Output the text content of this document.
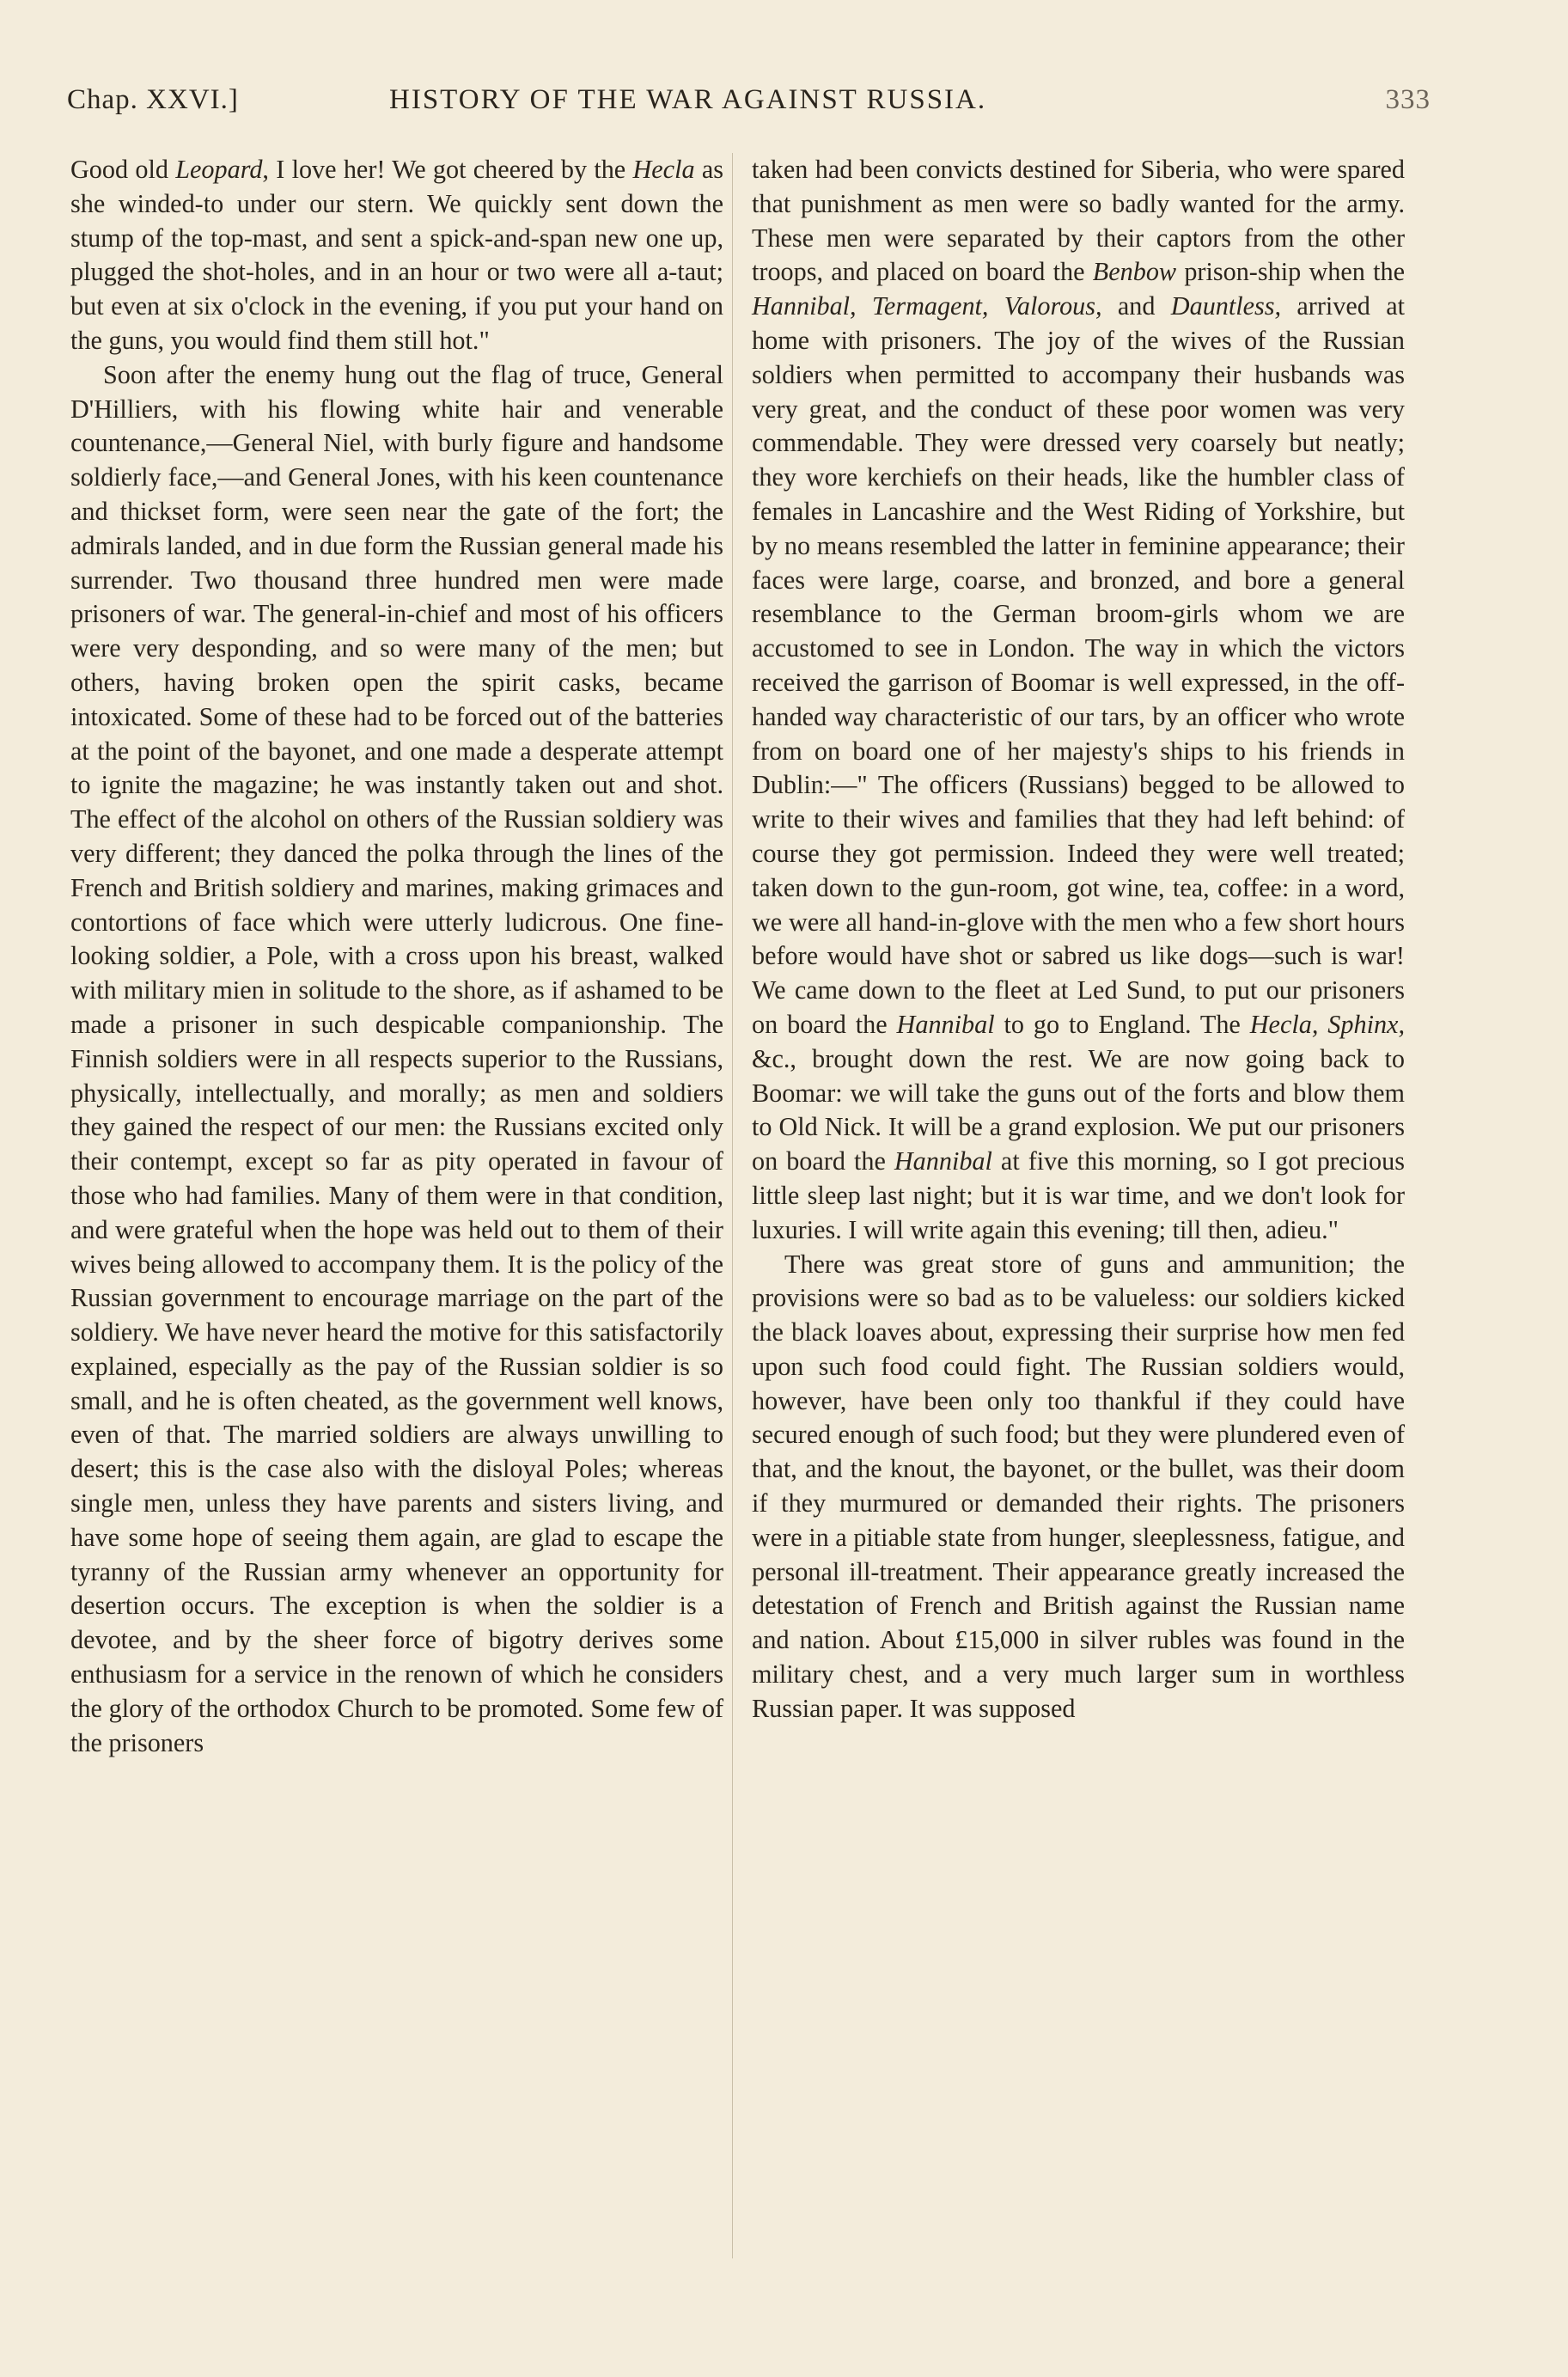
Chap. XXVI.]	HISTORY OF THE WAR AGAINST RUSSIA.	333

Good old Leopard, I love her! We got cheered by the Hecla as she winded-to under our stern. We quickly sent down the stump of the top-mast, and sent a spick-and-span new one up, plugged the shot-holes, and in an hour or two were all a-taut; but even at six o'clock in the evening, if you put your hand on the guns, you would find them still hot."

Soon after the enemy hung out the flag of truce, General D'Hilliers, with his flowing white hair and venerable countenance,—General Niel, with burly figure and handsome soldierly face,—and General Jones, with his keen countenance and thickset form, were seen near the gate of the fort; the admirals landed, and in due form the Russian general made his surrender. Two thousand three hundred men were made prisoners of war. The general-in-chief and most of his officers were very desponding, and so were many of the men; but others, having broken open the spirit casks, became intoxicated. Some of these had to be forced out of the batteries at the point of the bayonet, and one made a desperate attempt to ignite the magazine; he was instantly taken out and shot. The effect of the alcohol on others of the Russian soldiery was very different; they danced the polka through the lines of the French and British soldiery and marines, making grimaces and contortions of face which were utterly ludicrous. One fine-looking soldier, a Pole, with a cross upon his breast, walked with military mien in solitude to the shore, as if ashamed to be made a prisoner in such despicable companionship. The Finnish soldiers were in all respects superior to the Russians, physically, intellectually, and morally; as men and soldiers they gained the respect of our men: the Russians excited only their contempt, except so far as pity operated in favour of those who had families. Many of them were in that condition, and were grateful when the hope was held out to them of their wives being allowed to accompany them. It is the policy of the Russian government to encourage marriage on the part of the soldiery. We have never heard the motive for this satisfactorily explained, especially as the pay of the Russian soldier is so small, and he is often cheated, as the government well knows, even of that. The married soldiers are always unwilling to desert; this is the case also with the disloyal Poles; whereas single men, unless they have parents and sisters living, and have some hope of seeing them again, are glad to escape the tyranny of the Russian army whenever an opportunity for desertion occurs. The exception is when the soldier is a devotee, and by the sheer force of bigotry derives some enthusiasm for a service in the renown of which he considers the glory of the orthodox Church to be promoted. Some few of the prisoners

taken had been convicts destined for Siberia, who were spared that punishment as men were so badly wanted for the army. These men were separated by their captors from the other troops, and placed on board the Benbow prison-ship when the Hannibal, Termagent, Valorous, and Dauntless, arrived at home with prisoners. The joy of the wives of the Russian soldiers when permitted to accompany their husbands was very great, and the conduct of these poor women was very commendable. They were dressed very coarsely but neatly; they wore kerchiefs on their heads, like the humbler class of females in Lancashire and the West Riding of Yorkshire, but by no means resembled the latter in feminine appearance; their faces were large, coarse, and bronzed, and bore a general resemblance to the German broom-girls whom we are accustomed to see in London. The way in which the victors received the garrison of Boomar is well expressed, in the off-handed way characteristic of our tars, by an officer who wrote from on board one of her majesty's ships to his friends in Dublin:—" The officers (Russians) begged to be allowed to write to their wives and families that they had left behind: of course they got permission. Indeed they were well treated; taken down to the gun-room, got wine, tea, coffee: in a word, we were all hand-in-glove with the men who a few short hours before would have shot or sabred us like dogs—such is war! We came down to the fleet at Led Sund, to put our prisoners on board the Hannibal to go to England. The Hecla, Sphinx, &c., brought down the rest. We are now going back to Boomar: we will take the guns out of the forts and blow them to Old Nick. It will be a grand explosion. We put our prisoners on board the Hannibal at five this morning, so I got precious little sleep last night; but it is war time, and we don't look for luxuries. I will write again this evening; till then, adieu."

There was great store of guns and ammunition; the provisions were so bad as to be valueless: our soldiers kicked the black loaves about, expressing their surprise how men fed upon such food could fight. The Russian soldiers would, however, have been only too thankful if they could have secured enough of such food; but they were plundered even of that, and the knout, the bayonet, or the bullet, was their doom if they murmured or demanded their rights. The prisoners were in a pitiable state from hunger, sleeplessness, fatigue, and personal ill-treatment. Their appearance greatly increased the detestation of French and British against the Russian name and nation. About £15,000 in silver rubles was found in the military chest, and a very much larger sum in worthless Russian paper. It was supposed
